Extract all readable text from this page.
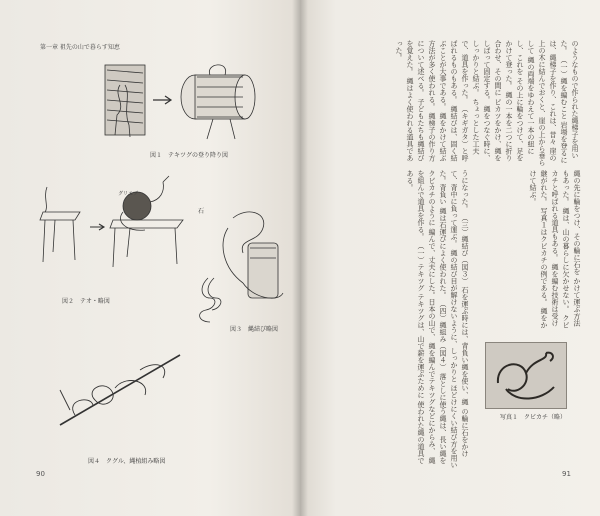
第一章 祖先の山で暮らす知恵
図１　テキツグの登り降り図
グリエブ
図２　テオ・略図
石
図３　縄結び略図
図４　クグル、縄植組み略図
90
のようなもので作られた縄梯子を用いた。 （一）縄を編むこと 岩場を登るには、縄梯子を作り、これは、昔々 崖の上の木に結んでおくと、崖の上から垂らして 縄の両端をゆわえて一本の紐にし、これを その上に輪をつけて、足をかけて登った。 縄の一本を二つに折り合わせ、その間に ピカツをかけ、縄をしばって固定する。 縄をつなぐ時に、しっかりと結ぶ。 ちょっとした工夫で、道具を作った。 （キギガタ）と呼ばれるものもある。 縄結びは、固く結ぶことが大事である。 縄をかけて結ぶ方法が多く使われる。 縄梯子の作り方について述べる。 子どもたちも縄結びを覚えた。 縄はよく使われる道具であった。
うになった。 （三）縄結び（図３） 石を運ぶ時には、背負い縄を使い、縄 の輪に石をかけて、背中に負って運ぶ。 縄の結び目が解けないように、しっかりと ほどけにくい結び方を用いた。背負い 縄は石運びによく使われた。 （四）縄組み（図４） 落としに使う縄は、長い縄をクビカチのように 編んで、丈夫にした。日本の山で、 縄を編んでテキツグなどにからみ、 縄を組んで道具を作る。 （一）テキツグ テキツグは、山で薪を運ぶために 使われた縄の道具である。	縄の先に輪をつけ、その輪に石を かけて運ぶ方法もあった。 縄は、山の暮らしに欠かせない。 クビカチと呼ばれる道具もある。 縄を編む技術は受け継がれた。 写真１はクビカチの例である。 縄をかけて結ぶ。
写真１　クビカチ（略）
91
